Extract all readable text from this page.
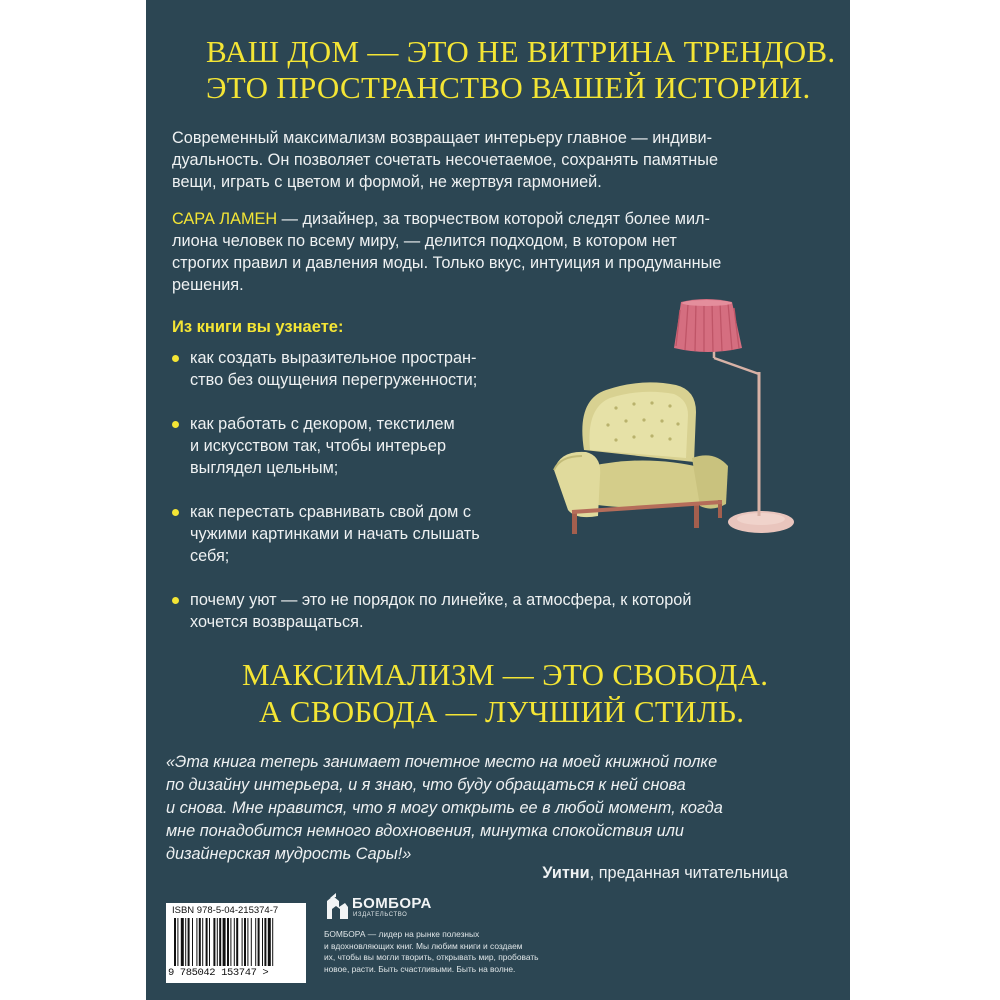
ВАШ ДОМ — ЭТО НЕ ВИТРИНА ТРЕНДОВ.
ЭТО ПРОСТРАНСТВО ВАШЕЙ ИСТОРИИ.
Современный максимализм возвращает интерьеру главное — индиви-
дуальность. Он позволяет сочетать несочетаемое, сохранять памятные
вещи, играть с цветом и формой, не жертвуя гармонией.
САРА ЛАМЕН — дизайнер, за творчеством которой следят более мил-
лиона человек по всему миру, — делится подходом, в котором нет
строгих правил и давления моды. Только вкус, интуиция и продуманные
решения.
Из книги вы узнаете:
как создать выразительное простран-
ство без ощущения перегруженности;
как работать с декором, текстилем
и искусством так, чтобы интерьер
выглядел цельным;
как перестать сравнивать свой дом с
чужими картинками и начать слышать
себя;
почему уют — это не порядок по линейке, а атмосфера, к которой
хочется возвращаться.
МАКСИМАЛИЗМ — ЭТО СВОБОДА.
А СВОБОДА — ЛУЧШИЙ СТИЛЬ.
«Эта книга теперь занимает почетное место на моей книжной полке
по дизайну интерьера, и я знаю, что буду обращаться к ней снова
и снова. Мне нравится, что я могу открыть ее в любой момент, когда
мне понадобится немного вдохновения, минутка спокойствия или
дизайнерская мудрость Сары!»
Уитни, преданная читательница
ISBN 978-5-04-215374-7
9 785042 153747 >
БОМБОРА
ИЗДАТЕЛЬСТВО
БОМБОРА — лидер на рынке полезных
и вдохновляющих книг. Мы любим книги и создаем
их, чтобы вы могли творить, открывать мир, пробовать
новое, расти. Быть счастливыми. Быть на волне.
